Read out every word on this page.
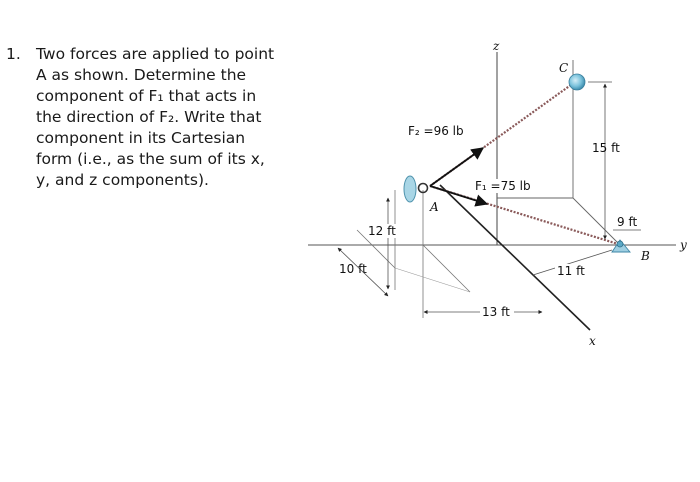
1. Two forces are applied to point
A as shown. Determine the
component of F₁ that acts in
the direction of F₂. Write that
component in its Cartesian
form (i.e., as the sum of its x,
y, and z components).
z
y
x
C
A
B
F₂ =96 lb
F₁ =75 lb
15 ft
9 ft
12 ft
10 ft	11 ft
13 ft
